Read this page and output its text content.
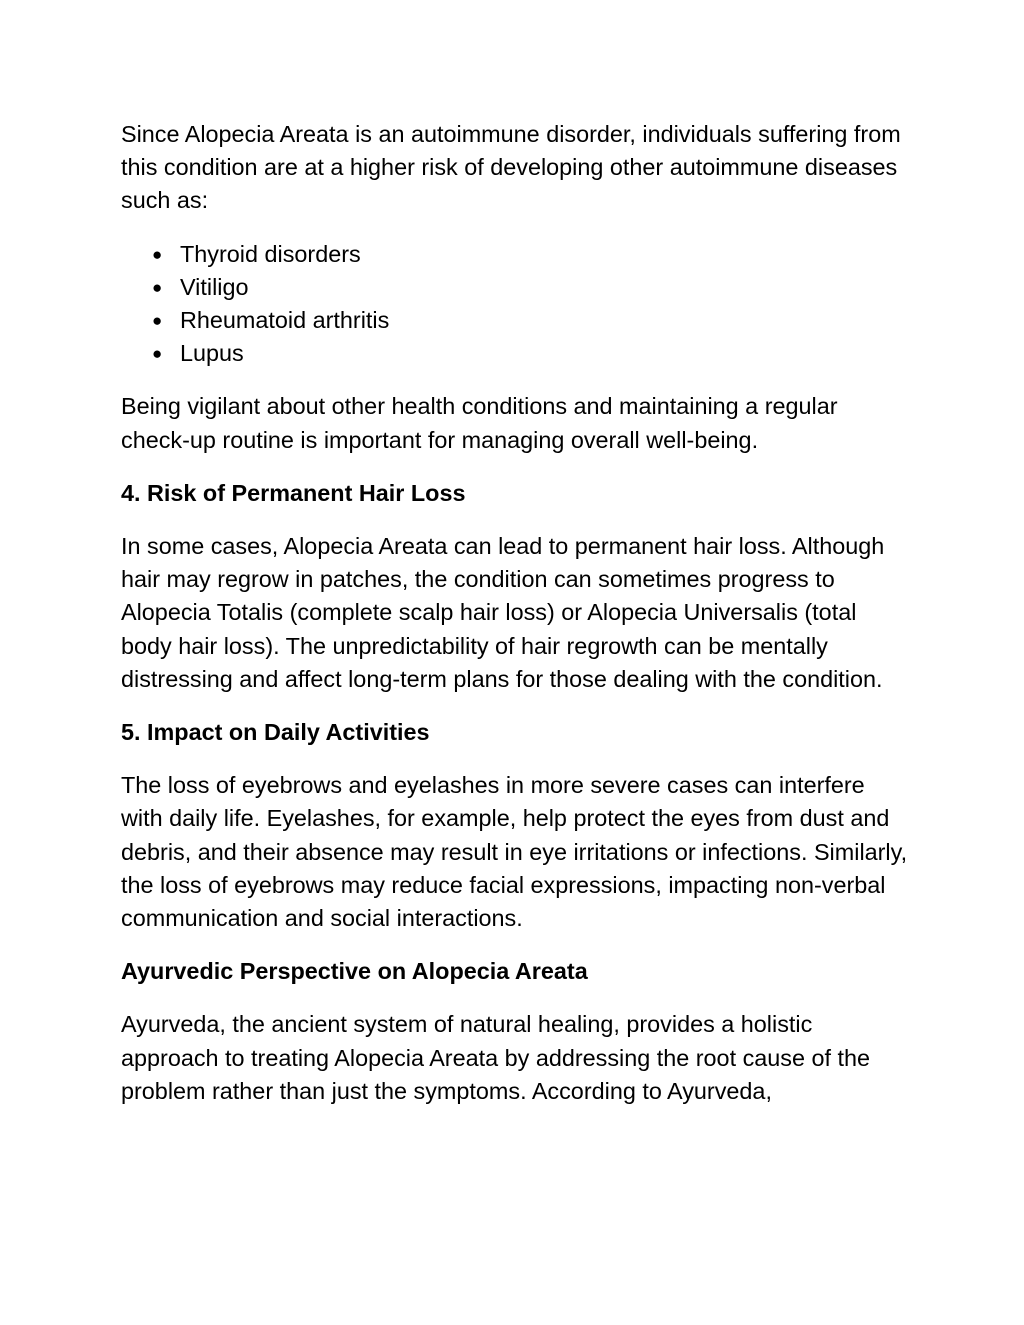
Since Alopecia Areata is an autoimmune disorder, individuals suffering from this condition are at a higher risk of developing other autoimmune diseases such as:

● Thyroid disorders
● Vitiligo
● Rheumatoid arthritis
● Lupus

Being vigilant about other health conditions and maintaining a regular check-up routine is important for managing overall well-being.

4. Risk of Permanent Hair Loss

In some cases, Alopecia Areata can lead to permanent hair loss. Although hair may regrow in patches, the condition can sometimes progress to Alopecia Totalis (complete scalp hair loss) or Alopecia Universalis (total body hair loss). The unpredictability of hair regrowth can be mentally distressing and affect long-term plans for those dealing with the condition.

5. Impact on Daily Activities

The loss of eyebrows and eyelashes in more severe cases can interfere with daily life. Eyelashes, for example, help protect the eyes from dust and debris, and their absence may result in eye irritations or infections. Similarly, the loss of eyebrows may reduce facial expressions, impacting non-verbal communication and social interactions.

Ayurvedic Perspective on Alopecia Areata

Ayurveda, the ancient system of natural healing, provides a holistic approach to treating Alopecia Areata by addressing the root cause of the problem rather than just the symptoms. According to Ayurveda,
